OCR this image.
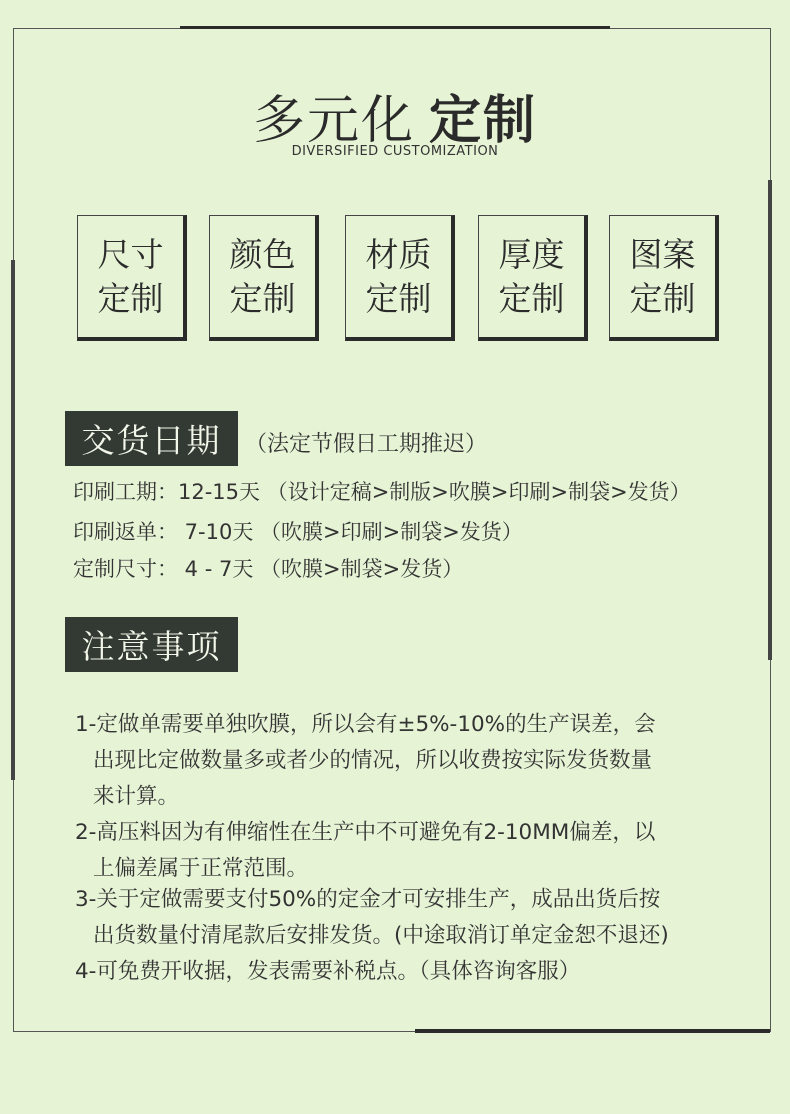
多元化 定制
DIVERSIFIED CUSTOMIZATION
尺寸
定制
颜色
定制
材质
定制
厚度
定制
图案
定制
交货日期	（法定节假日工期推迟）
印刷工期：12-15天 （设计定稿>制版>吹膜>印刷>制袋>发货）
印刷返单： 7-10天 （吹膜>印刷>制袋>发货）
定制尺寸： 4 - 7天 （吹膜>制袋>发货）
注意事项
1-定做单需要单独吹膜，所以会有±5%-10%的生产误差，会
出现比定做数量多或者少的情况，所以收费按实际发货数量
来计算。
2-高压料因为有伸缩性在生产中不可避免有2-10MM偏差，以
上偏差属于正常范围。
3-关于定做需要支付50%的定金才可安排生产，成品出货后按
出货数量付清尾款后安排发货。(中途取消订单定金恕不退还)
4-可免费开收据，发表需要补税点。（具体咨询客服）
